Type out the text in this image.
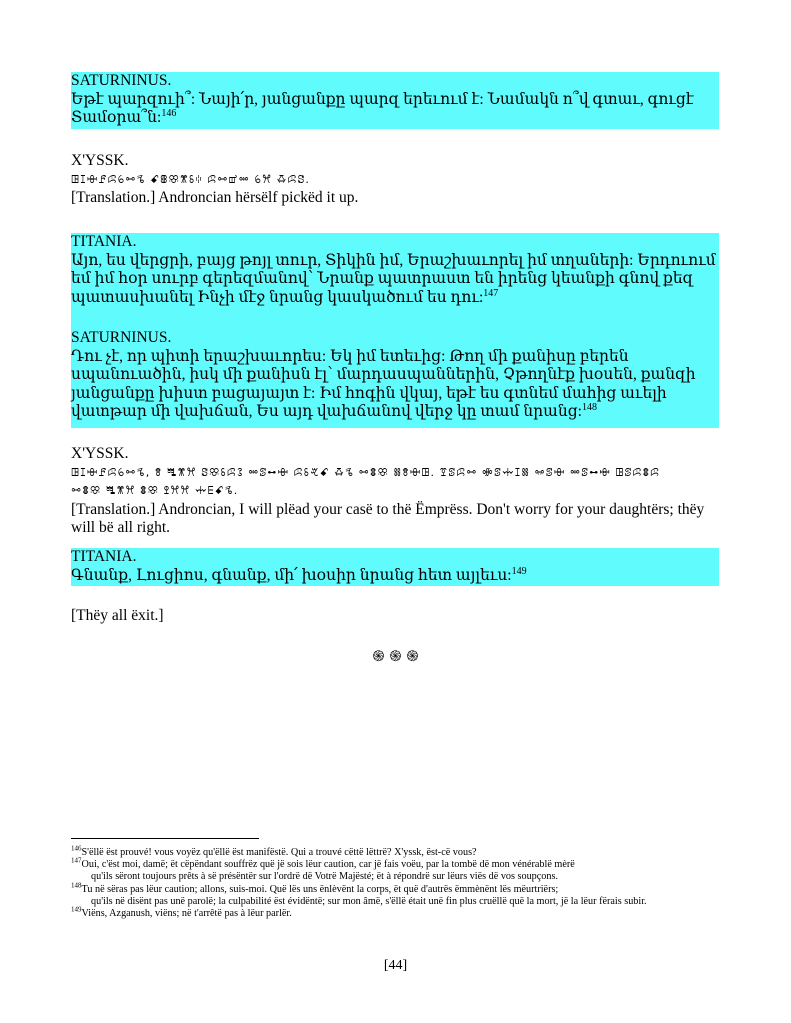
SATURNINUS.

Եթէ պարզուի՞: Նայի՛ր, յանցանքը պարզ երեւում է: Նամակն ո՞վ գտաւ, գուցէ Տամօրա՞ն:$^{146}$

X'YSSK.

ꖸꕯꗳꗓꕸꕃꗬꕦ ꗃꕬꕣꕨꗏꗺ ꕸꗬꕠꗮ ꕃꕮ ꗇꕸꗟ.

[Translation.] Androncian hërsëlf pickëd it up.

TITANIA.

Այո, ես վերցրի, բայց թոյլ տուր, Տիկին իմ, Երաշխաւորել իմ տղաների: Երդուում եմ իմ հօր սուրբ գերեզմանով՝ Նրանք պատրաստ են իրենց կեանքի գնով քեզ պատասխանել Ինչի մէջ նրանց կասկածում ես դու:$^{147}$

SATURNINUS.

Դու չէ, որ պիտի երաշխաւորես: Եկ իմ ետեւից: Թող մի քանիսը բերեն սպանուածին, իսկ մի քանիսն էլ՝ մարդասպաններին, Չթողնէք խօսեն, քանզի յանցանքը խիստ բացայայտ է: Իմ հոգին վկայ, եթէ ես գտնեմ մահից աւելի վատթար մի վախճան, Ես այդ վախճանով վերջ կը տամ նրանց:$^{148}$

X'YSSK.

ꖸꕯꗳꗓꕸꕃꗬꕦ, ꗉ ꗀꕨꕮ ꗟꕣꗏꕸꕘ ꗮꕷꕹꗳ ꕸꗏꕩꗃ ꗇꕦ ꗬꗊꕣ ꗤꗉꗳꖸ. ꗑꕷꕸꗬ ꗂꕷꗼꕯꗤ ꗭꕷꗳ ꗮꕷꕹꗳ ꖸꕷꕸꗊꕸ

ꗬꗊꕣ ꗀꕨꕮ ꗊꕣ ꖶꕮꕮ ꗼꗋꗃꕦ.

[Translation.] Androncian, I will plëad your casë to thë Ëmprëss. Don't worry for your daughtërs; thëy will bë all right.

TITANIA.

Գնանք, Լուցիոս, գնանք, մի՛ խօսիր նրանց հետ այլեւս:$^{149}$

[Thëy all ëxit.]

֍ ֍ ֍

$^{146}$S'ëllë ëst prouvé! vous voyëz qu'ëllë ëst manifëstë. Qui a trouvé cëttë lëttrë? X'yssk, ëst-cë vous?

$^{147}$Oui, c'ëst moi, damë; ët cëpëndant souffrëz quë jë sois lëur caution, car jë fais voëu, par la tombë dë mon vénérablë mèrë
qu'ils sëront toujours prêts à së présëntër sur l'ordrë dë Votrë Majësté; ët à répondrë sur lëurs viës dë vos soupçons.

$^{148}$Tu në sëras pas lëur caution; allons, suis-moi. Quë lës uns ënlèvënt la corps, ët quë d'autrës ëmmènënt lës mëurtriërs;
qu'ils në disënt pas unë parolë; la culpabilité ëst évidëntë; sur mon âmë, s'ëllë était unë fin plus cruëllë quë la mort, jë la lëur fërais subir.

$^{149}$Viëns, Azganush, viëns; në t'arrêtë pas à lëur parlër.

[44]
